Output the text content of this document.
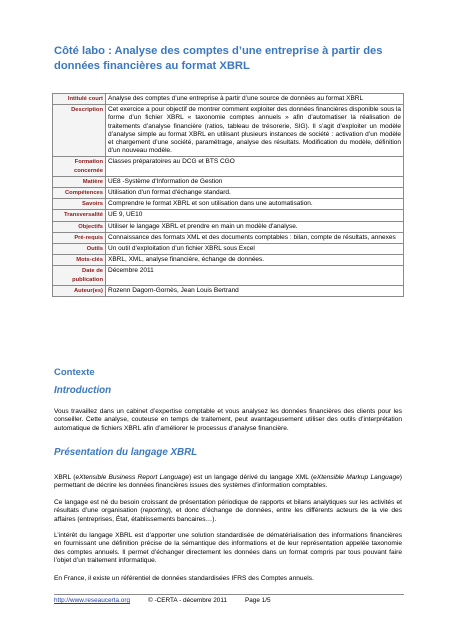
Côté labo : Analyse des comptes d’une entreprise à partir des données financières au format XBRL
Intitulé court	Analyse des comptes d’une entreprise à partir d’une source de données au format XBRL
Description	Cet exercice a pour objectif de montrer comment exploiter des données financières disponible sous la forme d’un fichier XBRL « taxonomie comptes annuels » afin d’automatiser la réalisation de traitements d’analyse financière (ratios, tableau de trésorerie, SIG). Il s’agit d’exploiter un modèle d’analyse simple au format XBRL en utilisant plusieurs instances de société : activation d’un modèle et chargement d’une société, paramétrage, analyse des résultats. Modification du modèle, définition d’un nouveau modèle.
Formation concernée	Classes préparatoires au DCG et BTS CGO
Matière	UE8 -Système d'Information de Gestion
Compétences	Utilisation d'un format d'échange standard.
Savoirs	Comprendre le format XBRL et son utilisation dans une automatisation.
Transversalité	UE 9, UE10
Objectifs	Utiliser le langage XBRL et prendre en main un modèle d'analyse.
Pré-requis	Connaissance des formats XML et des documents comptables : bilan, compte de résultats, annexes
Outils	Un outil d’exploitation d’un fichier XBRL sous Excel
Mots-clés	XBRL, XML, analyse financière, échange de données.
Date de publication	Décembre 2011
Auteur(es)	Rozenn Dagorn-Gornès, Jean Louis Bertrand
Contexte
Introduction
Vous travaillez dans un cabinet d’expertise comptable et vous analysez les données financières des clients pour les conseiller. Cette analyse, couteuse en temps de traitement, peut avantageusement utiliser des outils d’interprétation automatique de fichiers XBRL afin d’améliorer le processus d’analyse financière.
Présentation du langage XBRL
XBRL (eXtensible Business Report Language) est un langage dérivé du langage XML (eXtensible Markup Language) permettant de décrire les données financières issues des systèmes d’information comptables.
Ce langage est né du besoin croissant de présentation périodique de rapports et bilans analytiques sur les activités et résultats d’une organisation (reporting), et donc d’échange de données, entre les différents acteurs de la vie des affaires (entreprises, État, établissements bancaires…).
L’intérêt du langage XBRL est d’apporter une solution standardisée de dématérialisation des informations financières en fournissant une définition précise de la sémantique des informations et de leur représentation appelée taxonomie des comptes annuels. Il permet d’échanger directement les données dans un format compris par tous pouvant faire l’objet d’un traitement informatique.
En France, il existe un référentiel de données standardisées IFRS des Comptes annuels.
http://www.reseaucerta.org	© -CERTA - décembre 2011	Page 1/5
